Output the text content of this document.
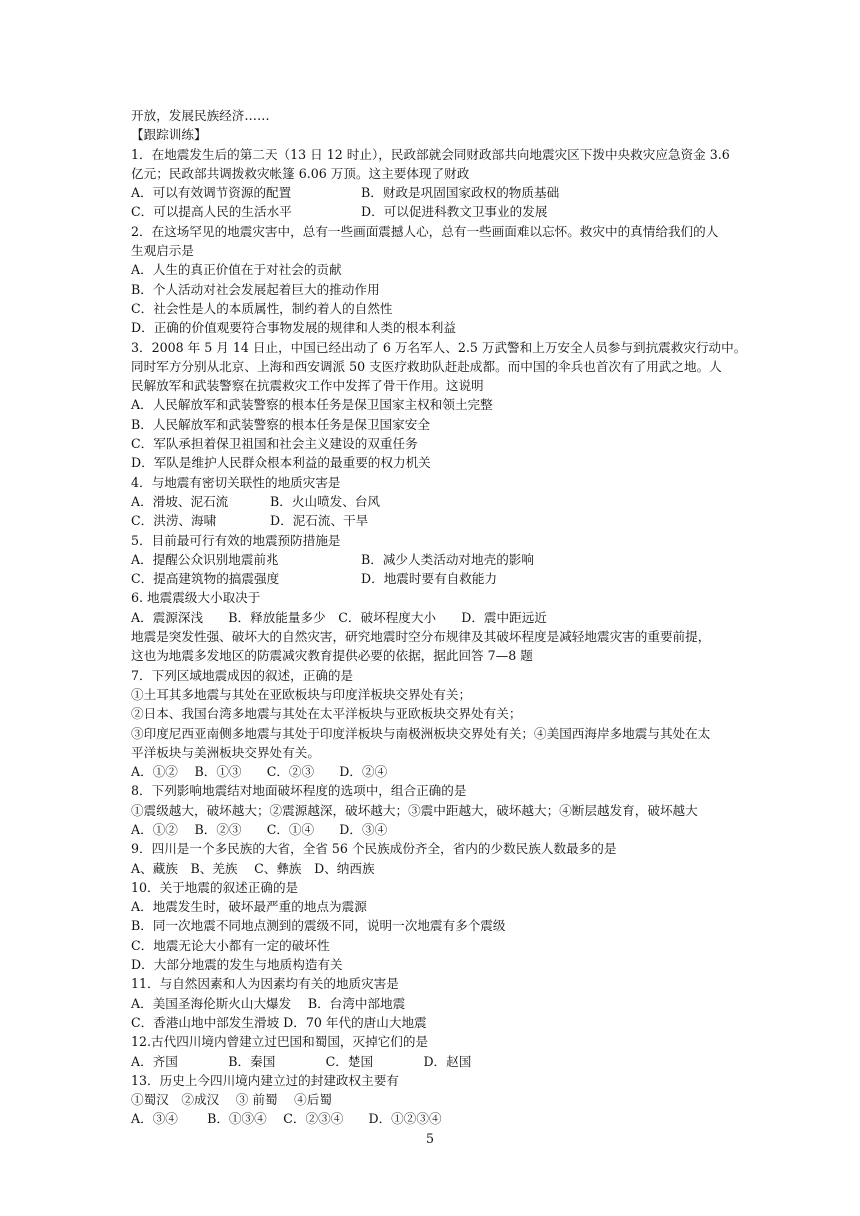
开放，发展民族经济……
【跟踪训练】
1．在地震发生后的第二天（13 日 12 时止），民政部就会同财政部共向地震灾区下拨中央救灾应急资金 3.6
亿元；民政部共调拨救灾帐篷 6.06 万顶。这主要体现了财政
A．可以有效调节资源的配置	B．财政是巩固国家政权的物质基础
C．可以提高人民的生活水平	D．可以促进科教文卫事业的发展
2．在这场罕见的地震灾害中，总有一些画面震撼人心，总有一些画面难以忘怀。救灾中的真情给我们的人
生观启示是
A．人生的真正价值在于对社会的贡献
B．个人活动对社会发展起着巨大的推动作用
C．社会性是人的本质属性，制约着人的自然性
D．正确的价值观要符合事物发展的规律和人类的根本利益
3．2008 年 5 月 14 日止，中国已经出动了 6 万名军人、2.5 万武警和上万安全人员参与到抗震救灾行动中。
同时军方分别从北京、上海和西安调派 50 支医疗救助队赶赴成都。而中国的伞兵也首次有了用武之地。人
民解放军和武装警察在抗震救灾工作中发挥了骨干作用。这说明
A．人民解放军和武装警察的根本任务是保卫国家主权和领土完整
B．人民解放军和武装警察的根本任务是保卫国家安全
C．军队承担着保卫祖国和社会主义建设的双重任务
D．军队是维护人民群众根本利益的最重要的权力机关
4．与地震有密切关联性的地质灾害是
A．滑坡、泥石流	B．火山喷发、台风
C．洪涝、海啸	D．泥石流、干旱
5．目前最可行有效的地震预防措施是
A．提醒公众识别地震前兆	B．减少人类活动对地壳的影响
C．提高建筑物的搞震强度	D．地震时要有自救能力
6. 地震震级大小取决于
A．震源深浅　　B．释放能量多少　C．破坏程度大小　　D．震中距远近
地震是突发性强、破坏大的自然灾害，研究地震时空分布规律及其破坏程度是减轻地震灾害的重要前提，
这也为地震多发地区的防震减灾教育提供必要的依据，据此回答 7—8 题
7．下列区域地震成因的叙述，正确的是
①土耳其多地震与其处在亚欧板块与印度洋板块交界处有关；
②日本、我国台湾多地震与其处在太平洋板块与亚欧板块交界处有关；
③印度尼西亚南侧多地震与其处于印度洋板块与南极洲板块交界处有关；④美国西海岸多地震与其处在太
平洋板块与美洲板块交界处有关。
A．①②　 B．①③　　C．②③　　D．②④
8．下列影响地震结对地面破坏程度的选项中，组合正确的是
①震级越大，破坏越大；②震源越深，破坏越大；③震中距越大，破坏越大；④断层越发育，破坏越大
A．①②　 B．②③　　C．①④　　D．③④
9．四川是一个多民族的大省，全省 56 个民族成份齐全，省内的少数民族人数最多的是
A、藏族　B、羌族　 C、彝族　D、纳西族
10．关于地震的叙述正确的是
A．地震发生时，破坏最严重的地点为震源
B．同一次地震不同地点测到的震级不同，说明一次地震有多个震级
C．地震无论大小都有一定的破坏性
D．大部分地震的发生与地质构造有关
11．与自然因素和人为因素均有关的地质灾害是
A．美国圣海伦斯火山大爆发　 B．台湾中部地震
C．香港山地中部发生滑坡 D．70 年代的唐山大地震
12.古代四川境内曾建立过巴国和蜀国，灭掉它们的是
A．齐国　　　　B．秦国　　　　C．楚国　　　　D．赵国
13．历史上今四川境内建立过的封建政权主要有
①蜀汉　②成汉　 ③ 前蜀　 ④后蜀
A．③④　　 B．①③④　 C．②③④　　D．①②③④
5
